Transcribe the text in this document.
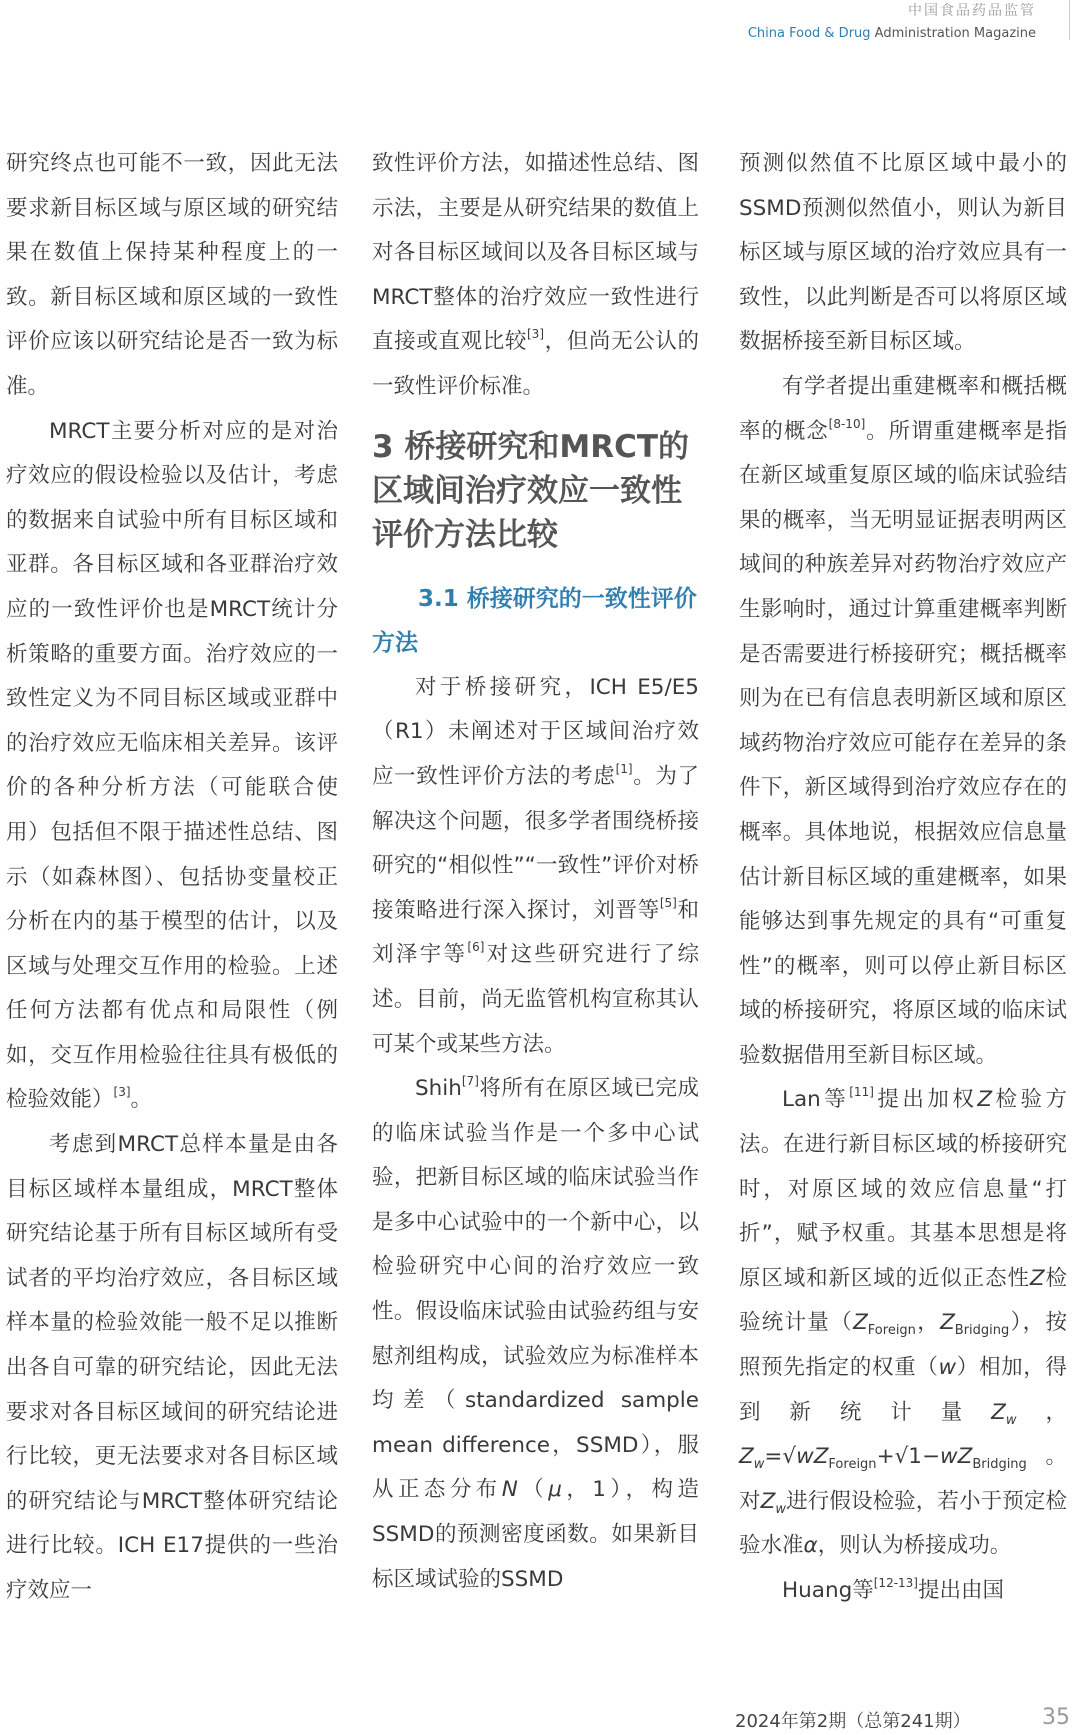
中国食品药品监管
China Food & Drug Administration Magazine

研究终点也可能不一致，因此无法要求新目标区域与原区域的研究结果在数值上保持某种程度上的一致。新目标区域和原区域的一致性评价应该以研究结论是否一致为标准。

MRCT主要分析对应的是对治疗效应的假设检验以及估计，考虑的数据来自试验中所有目标区域和亚群。各目标区域和各亚群治疗效应的一致性评价也是MRCT统计分析策略的重要方面。治疗效应的一致性定义为不同目标区域或亚群中的治疗效应无临床相关差异。该评价的各种分析方法（可能联合使用）包括但不限于描述性总结、图示（如森林图）、包括协变量校正分析在内的基于模型的估计，以及区域与处理交互作用的检验。上述任何方法都有优点和局限性（例如，交互作用检验往往具有极低的检验效能）[3]。

考虑到MRCT总样本量是由各目标区域样本量组成，MRCT整体研究结论基于所有目标区域所有受试者的平均治疗效应，各目标区域样本量的检验效能一般不足以推断出各自可靠的研究结论，因此无法要求对各目标区域间的研究结论进行比较，更无法要求对各目标区域的研究结论与MRCT整体研究结论进行比较。ICH E17提供的一些治疗效应一

致性评价方法，如描述性总结、图示法，主要是从研究结果的数值上对各目标区域间以及各目标区域与MRCT整体的治疗效应一致性进行直接或直观比较[3]，但尚无公认的一致性评价标准。

3 桥接研究和MRCT的区域间治疗效应一致性评价方法比较
3.1 桥接研究的一致性评价方法

对于桥接研究，ICH E5/E5（R1）未阐述对于区域间治疗效应一致性评价方法的考虑[1]。为了解决这个问题，很多学者围绕桥接研究的“相似性”“一致性”评价对桥接策略进行深入探讨，刘晋等[5]和刘泽宇等[6]对这些研究进行了综述。目前，尚无监管机构宣称其认可某个或某些方法。

Shih[7]将所有在原区域已完成的临床试验当作是一个多中心试验，把新目标区域的临床试验当作是多中心试验中的一个新中心，以检验研究中心间的治疗效应一致性。假设临床试验由试验药组与安慰剂组构成，试验效应为标准样本均差（standardized sample mean difference，SSMD），服从正态分布N（μ，1），构造SSMD的预测密度函数。如果新目标区域试验的SSMD

预测似然值不比原区域中最小的SSMD预测似然值小，则认为新目标区域与原区域的治疗效应具有一致性，以此判断是否可以将原区域数据桥接至新目标区域。

有学者提出重建概率和概括概率的概念[8-10]。所谓重建概率是指在新区域重复原区域的临床试验结果的概率，当无明显证据表明两区域间的种族差异对药物治疗效应产生影响时，通过计算重建概率判断是否需要进行桥接研究；概括概率则为在已有信息表明新区域和原区域药物治疗效应可能存在差异的条件下，新区域得到治疗效应存在的概率。具体地说，根据效应信息量估计新目标区域的重建概率，如果能够达到事先规定的具有“可重复性”的概率，则可以停止新目标区域的桥接研究，将原区域的临床试验数据借用至新目标区域。

Lan等[11]提出加权Z检验方法。在进行新目标区域的桥接研究时，对原区域的效应信息量“打折”，赋予权重。其基本思想是将原区域和新区域的近似正态性Z检验统计量（$Z_{Foreign}$，$Z_{Bridging}$），按照预先指定的权重（w）相加，得到新统计量$Z_w$，$Z_w=√wZ_{Foreign}+√1-wZ_{Bridging}$。对$Z_w$进行假设检验，若小于预定检验水准α，则认为桥接成功。

Huang等[12-13]提出由国

2024年第2期（总第241期）	35
